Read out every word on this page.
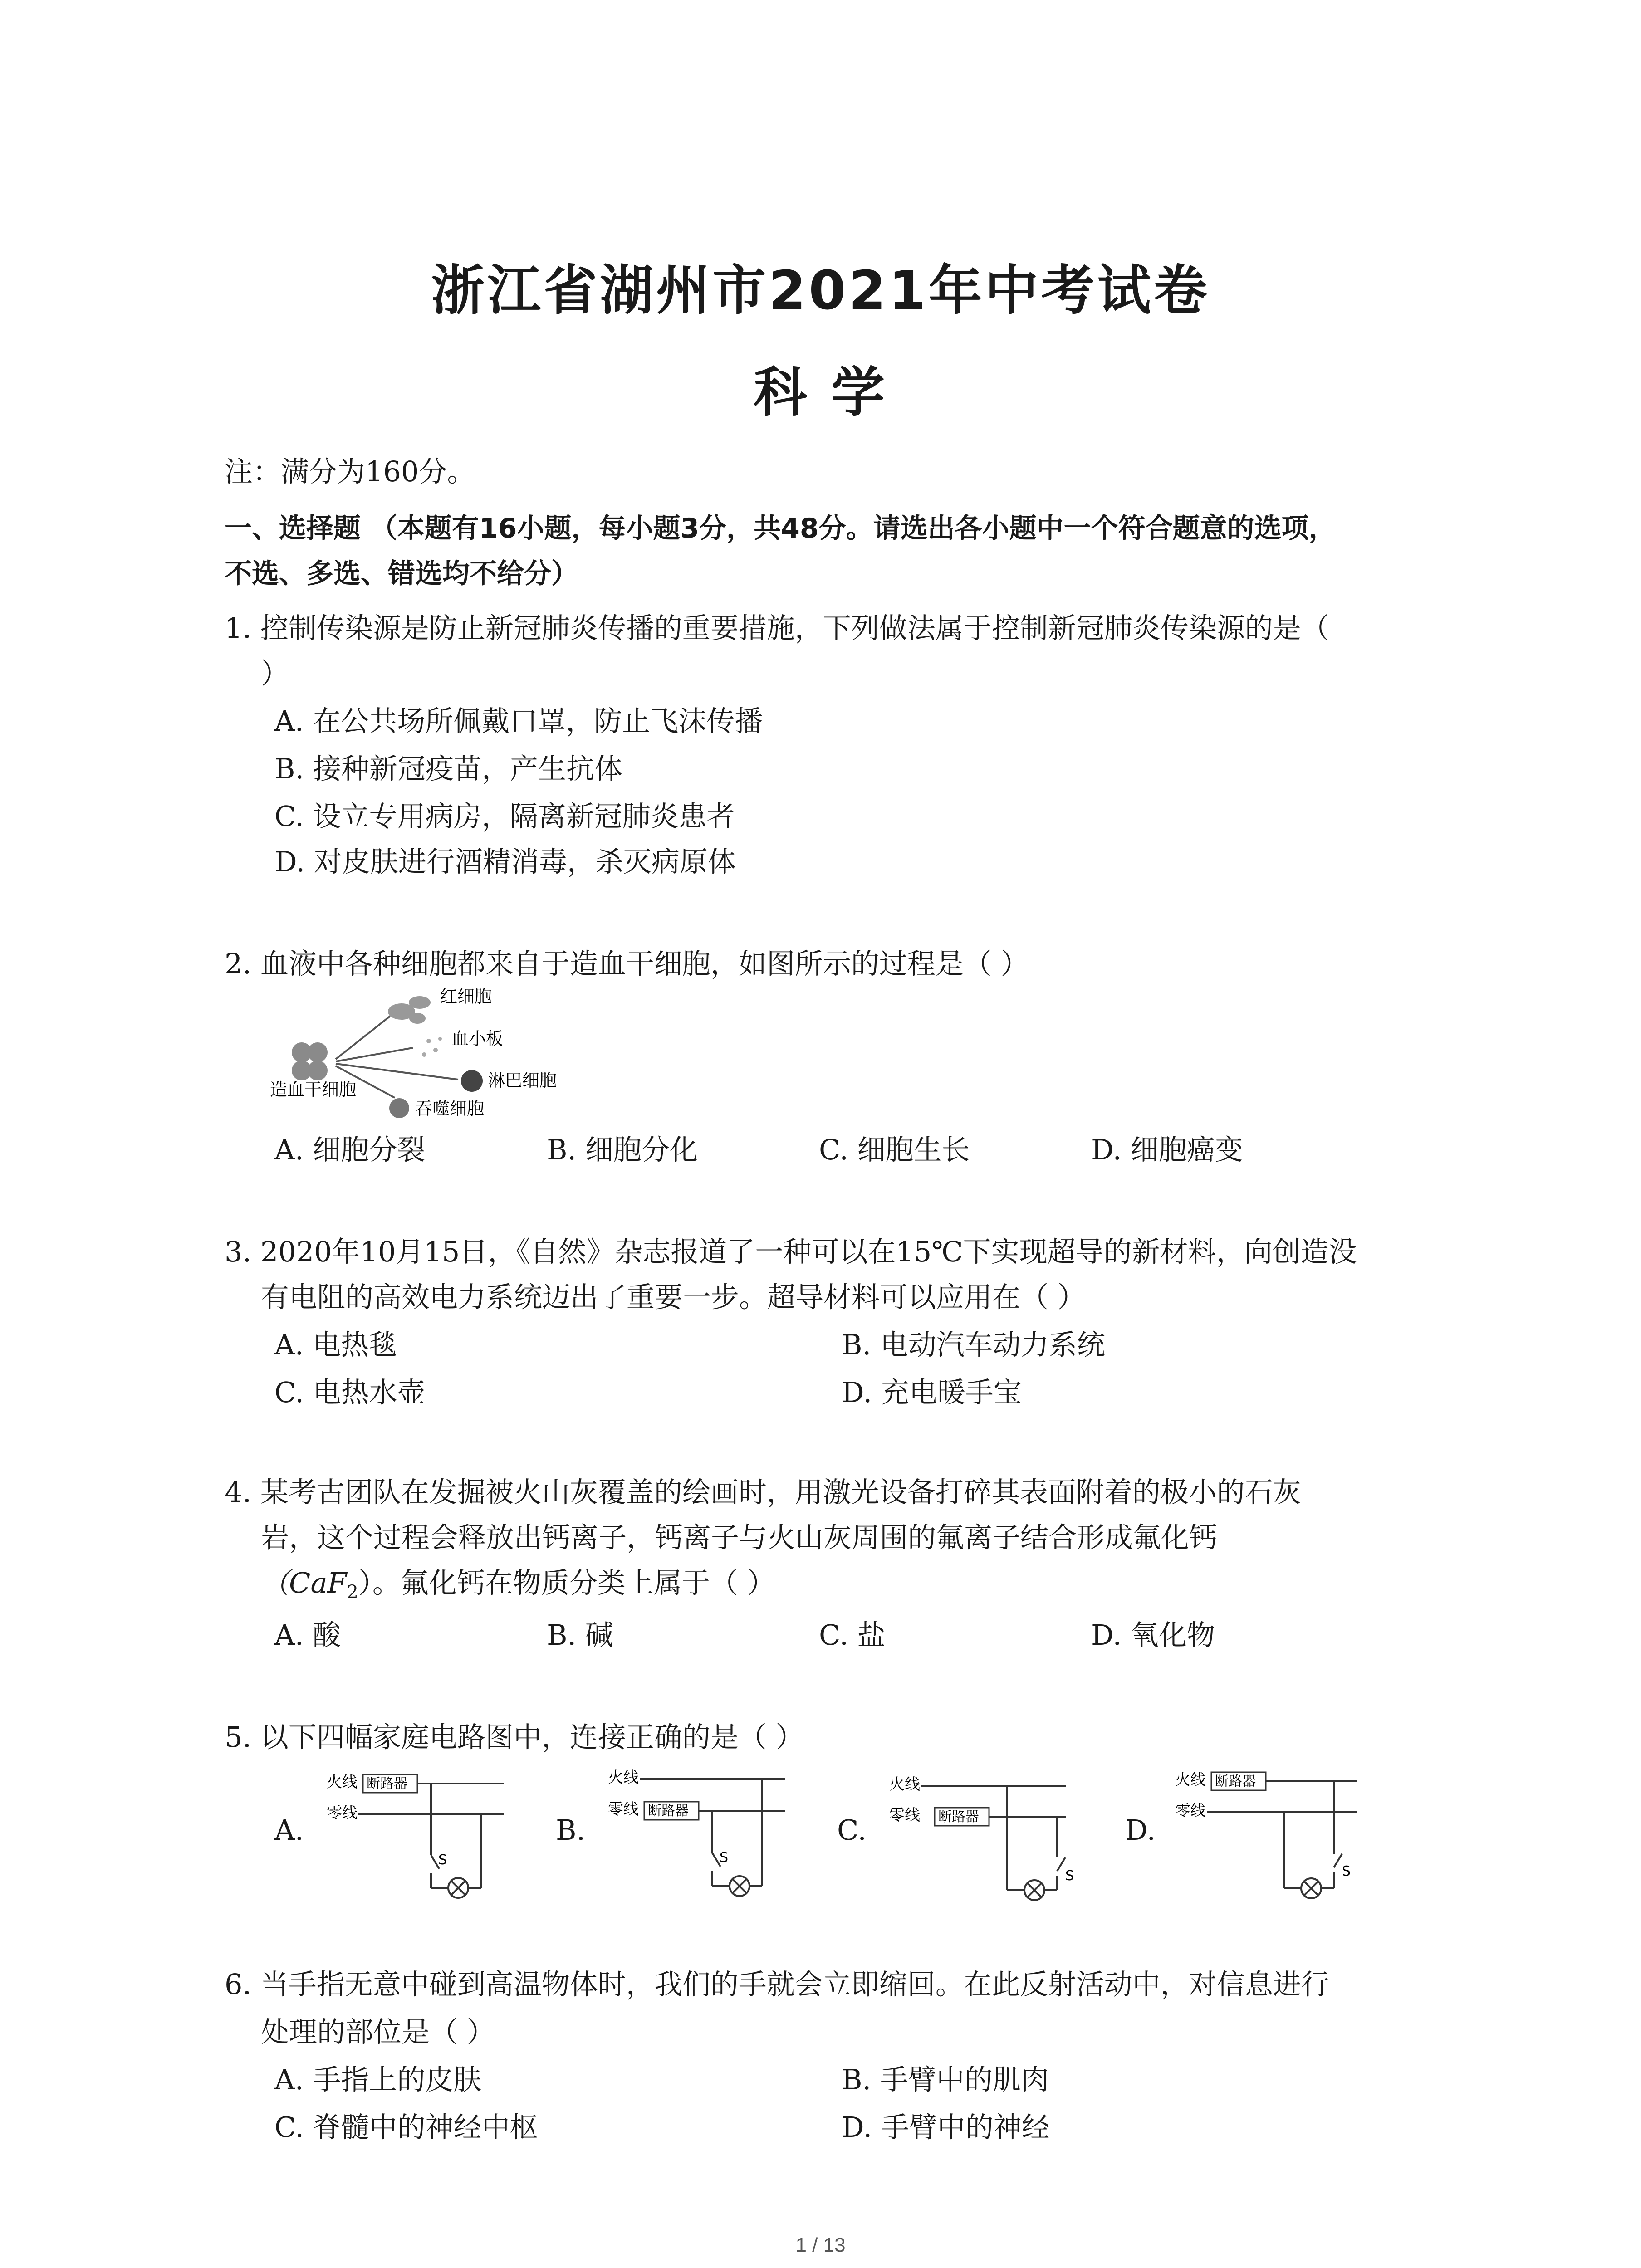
浙江省湖州市2021年中考试卷
科 学
注：满分为160分。
一、选择题 （本题有16小题，每小题3分，共48分。请选出各小题中一个符合题意的选项，
不选、多选、错选均不给分）
1. 控制传染源是防止新冠肺炎传播的重要措施，下列做法属于控制新冠肺炎传染源的是（
）
A. 在公共场所佩戴口罩，防止飞沫传播
B. 接种新冠疫苗，产生抗体
C. 设立专用病房，隔离新冠肺炎患者
D. 对皮肤进行酒精消毒，杀灭病原体
2. 血液中各种细胞都来自于造血干细胞，如图所示的过程是（ ）
红细胞
血小板
淋巴细胞
造血干细胞
吞噬细胞
A. 细胞分裂	B. 细胞分化	C. 细胞生长	D. 细胞癌变
3. 2020年10月15日，《自然》杂志报道了一种可以在15℃下实现超导的新材料，向创造没
有电阻的高效电力系统迈出了重要一步。超导材料可以应用在（ ）
A. 电热毯	B. 电动汽车动力系统
C. 电热水壶	D. 充电暖手宝
4. 某考古团队在发掘被火山灰覆盖的绘画时，用激光设备打碎其表面附着的极小的石灰
岩，这个过程会释放出钙离子，钙离子与火山灰周围的氟离子结合形成氟化钙
（CaF$_2$）。氟化钙在物质分类上属于（ ）
A. 酸	B. 碱	C. 盐	D. 氧化物
5. 以下四幅家庭电路图中，连接正确的是（ ）
A.
火线
零线
断路器
S
B.
火线
零线 断路器
S
C.
火线
零线 断路器
S
D.
火线
零线
断路器
S
6. 当手指无意中碰到高温物体时，我们的手就会立即缩回。在此反射活动中，对信息进行
处理的部位是（ ）
A. 手指上的皮肤	B. 手臂中的肌肉
C. 脊髓中的神经中枢	D. 手臂中的神经
1 / 13
